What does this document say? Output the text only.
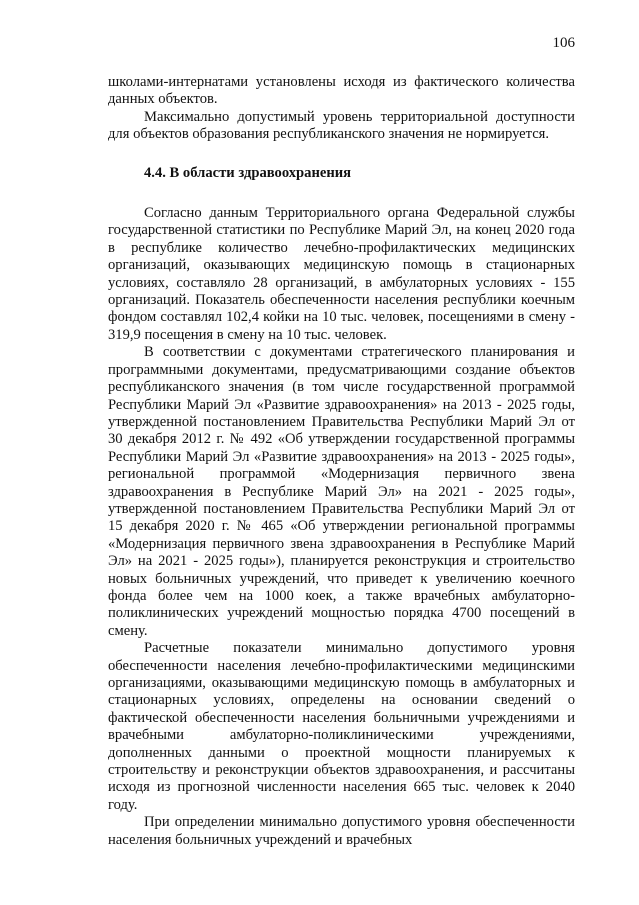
106

школами-интернатами установлены исходя из фактического количества данных объектов.

Максимально допустимый уровень территориальной доступности для объектов образования республиканского значения не нормируется.

4.4. В области здравоохранения

Согласно данным Территориального органа Федеральной службы государственной статистики по Республике Марий Эл, на конец 2020 года в республике количество лечебно-профилактических медицинских организаций, оказывающих медицинскую помощь в стационарных условиях, составляло 28 организаций, в амбулаторных условиях - 155 организаций. Показатель обеспеченности населения республики коечным фондом составлял 102,4 койки на 10 тыс. человек, посещениями в смену - 319,9 посещения в смену на 10 тыс. человек.

В соответствии с документами стратегического планирования и программными документами, предусматривающими создание объектов республиканского значения (в том числе государственной программой Республики Марий Эл «Развитие здравоохранения» на 2013 - 2025 годы, утвержденной постановлением Правительства Республики Марий Эл от 30 декабря 2012 г. № 492 «Об утверждении государственной программы Республики Марий Эл «Развитие здравоохранения» на 2013 - 2025 годы», региональной программой «Модернизация первичного звена здравоохранения в Республике Марий Эл» на 2021 - 2025 годы», утвержденной постановлением Правительства Республики Марий Эл от 15 декабря 2020 г. № 465 «Об утверждении региональной программы «Модернизация первичного звена здравоохранения в Республике Марий Эл» на 2021 - 2025 годы»), планируется реконструкция и строительство новых больничных учреждений, что приведет к увеличению коечного фонда более чем на 1000 коек, а также врачебных амбулаторно-поликлинических учреждений мощностью порядка 4700 посещений в смену.

Расчетные показатели минимально допустимого уровня обеспеченности населения лечебно-профилактическими медицинскими организациями, оказывающими медицинскую помощь в амбулаторных и стационарных условиях, определены на основании сведений о фактической обеспеченности населения больничными учреждениями и врачебными амбулаторно-поликлиническими учреждениями, дополненных данными о проектной мощности планируемых к строительству и реконструкции объектов здравоохранения, и рассчитаны исходя из прогнозной численности населения 665 тыс. человек к 2040 году.

При определении минимально допустимого уровня обеспеченности населения больничных учреждений и врачебных
